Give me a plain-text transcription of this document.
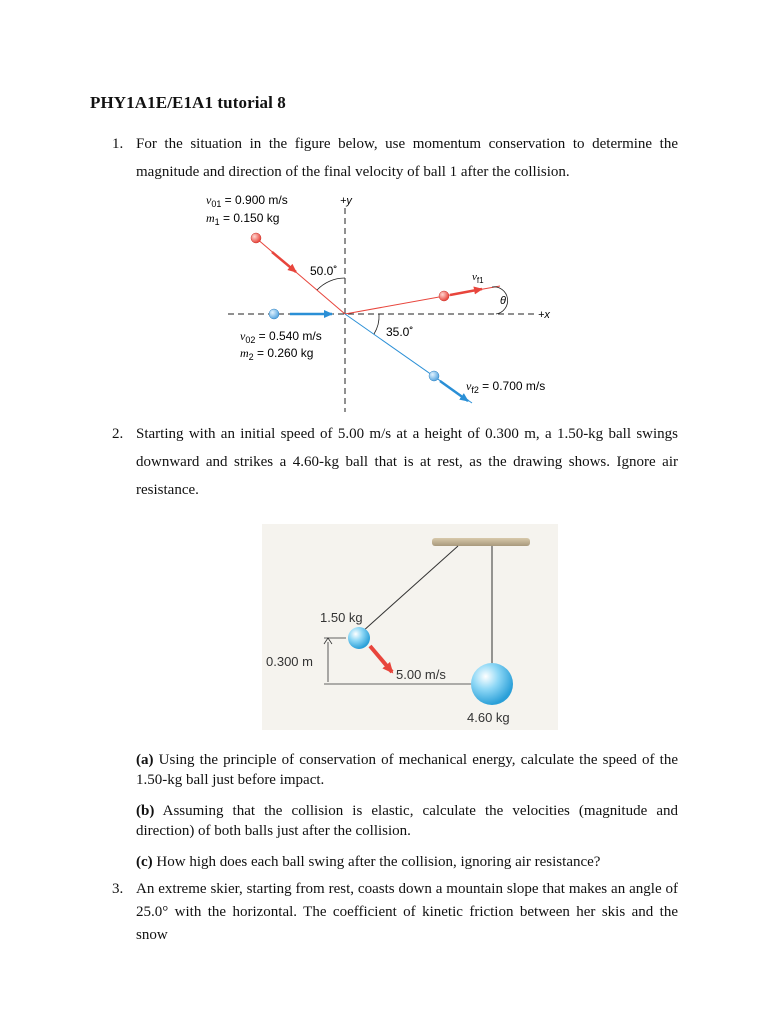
PHY1A1E/E1A1 tutorial 8
1. For the situation in the figure below, use momentum conservation to determine the magnitude and direction of the final velocity of ball 1 after the collision.
+y
+x
$v_{01} = 0.900$ m/s
$m_1 = 0.150$ kg
50.0˚
35.0˚
θ
$v_{f1}$
$v_{02} = 0.540$ m/s
$m_2 = 0.260$ kg
$v_{f2} = 0.700$ m/s
2. Starting with an initial speed of 5.00 m/s at a height of 0.300 m, a 1.50-kg ball swings downward and strikes a 4.60-kg ball that is at rest, as the drawing shows. Ignore air resistance.
1.50 kg
0.300 m
5.00 m/s
4.60 kg
(a) Using the principle of conservation of mechanical energy, calculate the speed of the 1.50-kg ball just before impact.
(b) Assuming that the collision is elastic, calculate the velocities (magnitude and direction) of both balls just after the collision.
(c) How high does each ball swing after the collision, ignoring air resistance?
3. An extreme skier, starting from rest, coasts down a mountain slope that makes an angle of 25.0° with the horizontal. The coefficient of kinetic friction between her skis and the snow
